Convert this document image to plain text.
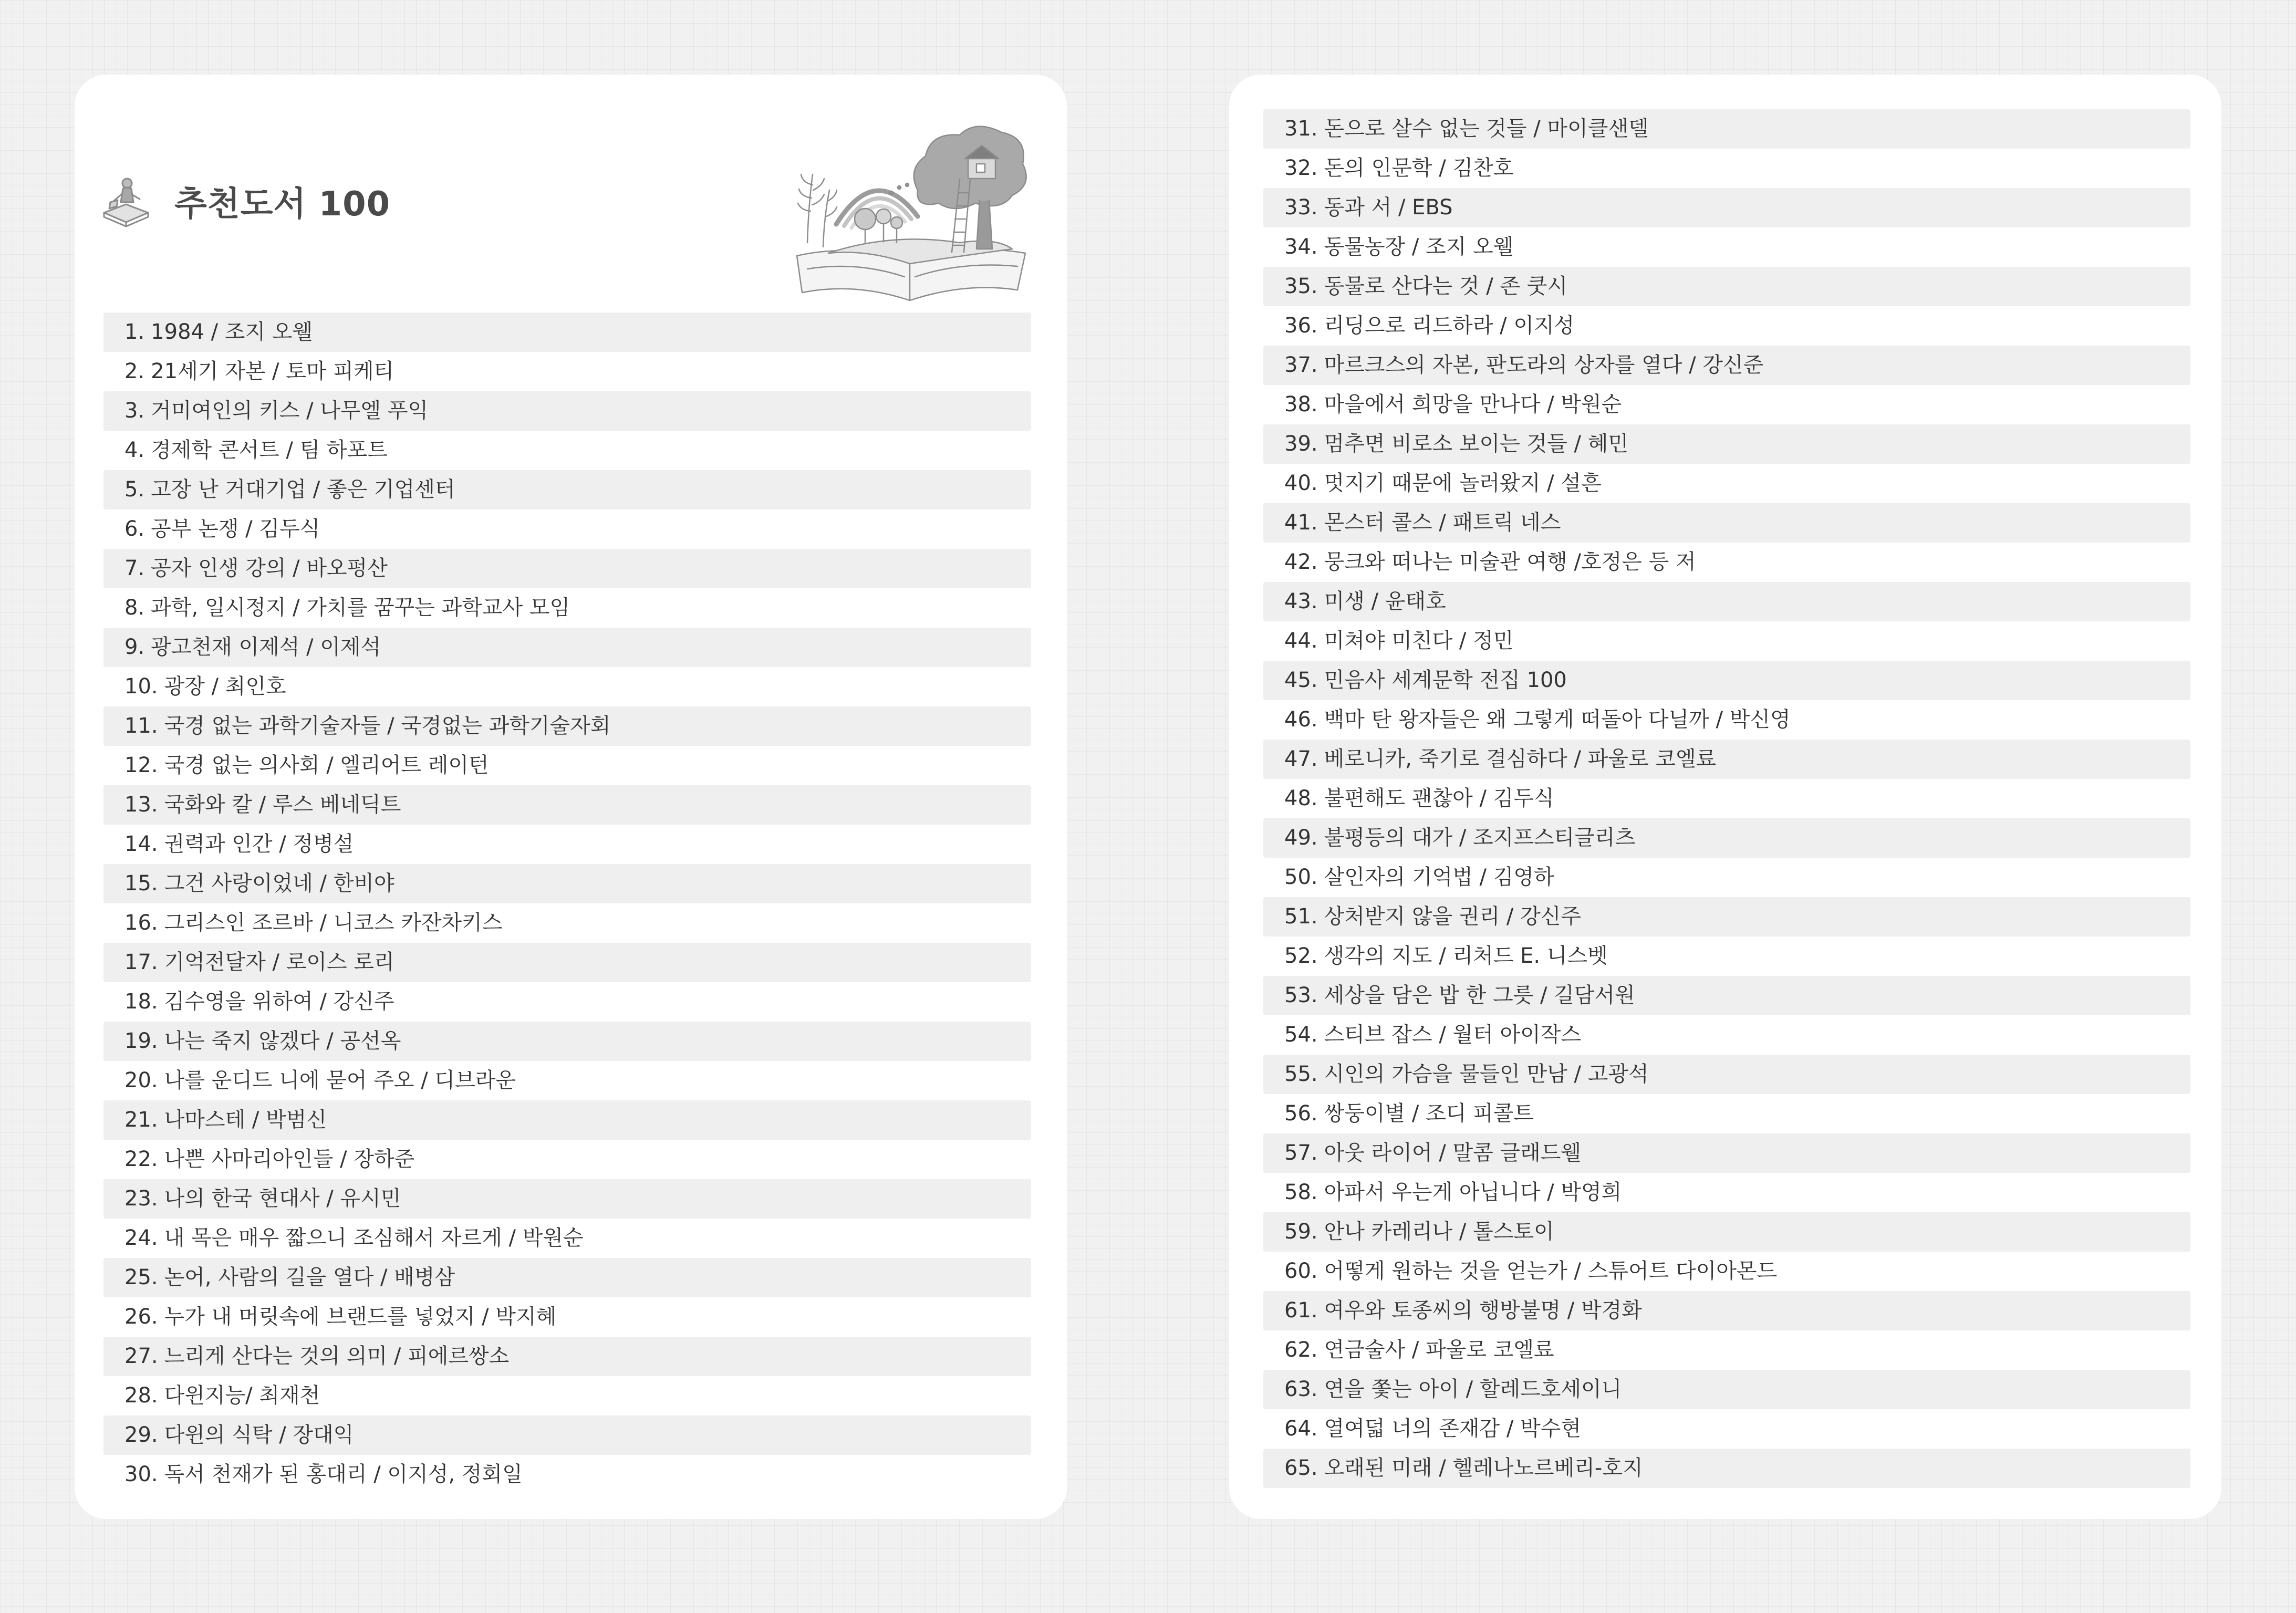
추천도서 100
1. 1984 / 조지 오웰
2. 21세기 자본 / 토마 피케티
3. 거미여인의 키스 / 나무엘 푸익
4. 경제학 콘서트 / 팀 하포트
5. 고장 난 거대기업 / 좋은 기업센터
6. 공부 논쟁 / 김두식
7. 공자 인생 강의 / 바오펑산
8. 과학, 일시정지 / 가치를 꿈꾸는 과학교사 모임
9. 광고천재 이제석 / 이제석
10. 광장 / 최인호
11. 국경 없는 과학기술자들 / 국경없는 과학기술자회
12. 국경 없는 의사회 / 엘리어트 레이턴
13. 국화와 칼 / 루스 베네딕트
14. 권력과 인간 / 정병설
15. 그건 사랑이었네 / 한비야
16. 그리스인 조르바 / 니코스 카잔차키스
17. 기억전달자 / 로이스 로리
18. 김수영을 위하여 / 강신주
19. 나는 죽지 않겠다 / 공선옥
20. 나를 운디드 니에 묻어 주오 / 디브라운
21. 나마스테 / 박범신
22. 나쁜 사마리아인들 / 장하준
23. 나의 한국 현대사 / 유시민
24. 내 목은 매우 짧으니 조심해서 자르게 / 박원순
25. 논어, 사람의 길을 열다 / 배병삼
26. 누가 내 머릿속에 브랜드를 넣었지 / 박지혜
27. 느리게 산다는 것의 의미 / 피에르쌍소
28. 다윈지능/ 최재천
29. 다윈의 식탁 / 장대익
30. 독서 천재가 된 홍대리 / 이지성, 정회일
31. 돈으로 살수 없는 것들 / 마이클샌델
32. 돈의 인문학 / 김찬호
33. 동과 서 / EBS
34. 동물농장 / 조지 오웰
35. 동물로 산다는 것 / 존 쿳시
36. 리딩으로 리드하라 / 이지성
37. 마르크스의 자본, 판도라의 상자를 열다 / 강신준
38. 마을에서 희망을 만나다 / 박원순
39. 멈추면 비로소 보이는 것들 / 혜민
40. 멋지기 때문에 놀러왔지 / 설흔
41. 몬스터 콜스 / 패트릭 네스
42. 뭉크와 떠나는 미술관 여행 /호정은 등 저
43. 미생 / 윤태호
44. 미쳐야 미친다 / 정민
45. 민음사 세계문학 전집 100
46. 백마 탄 왕자들은 왜 그렇게 떠돌아 다닐까 / 박신영
47. 베로니카, 죽기로 결심하다 / 파울로 코엘료
48. 불편해도 괜찮아 / 김두식
49. 불평등의 대가 / 조지프스티글리츠
50. 살인자의 기억법 / 김영하
51. 상처받지 않을 권리 / 강신주
52. 생각의 지도 / 리처드 E. 니스벳
53. 세상을 담은 밥 한 그릇 / 길담서원
54. 스티브 잡스 / 월터 아이작스
55. 시인의 가슴을 물들인 만남 / 고광석
56. 쌍둥이별 / 조디 피콜트
57. 아웃 라이어 / 말콤 글래드웰
58. 아파서 우는게 아닙니다 / 박영희
59. 안나 카레리나 / 톨스토이
60. 어떻게 원하는 것을 얻는가 / 스튜어트 다이아몬드
61. 여우와 토종씨의 행방불명 / 박경화
62. 연금술사 / 파울로 코엘료
63. 연을 쫓는 아이 / 할레드호세이니
64. 열여덟 너의 존재감 / 박수현
65. 오래된 미래 / 헬레나노르베리-호지
